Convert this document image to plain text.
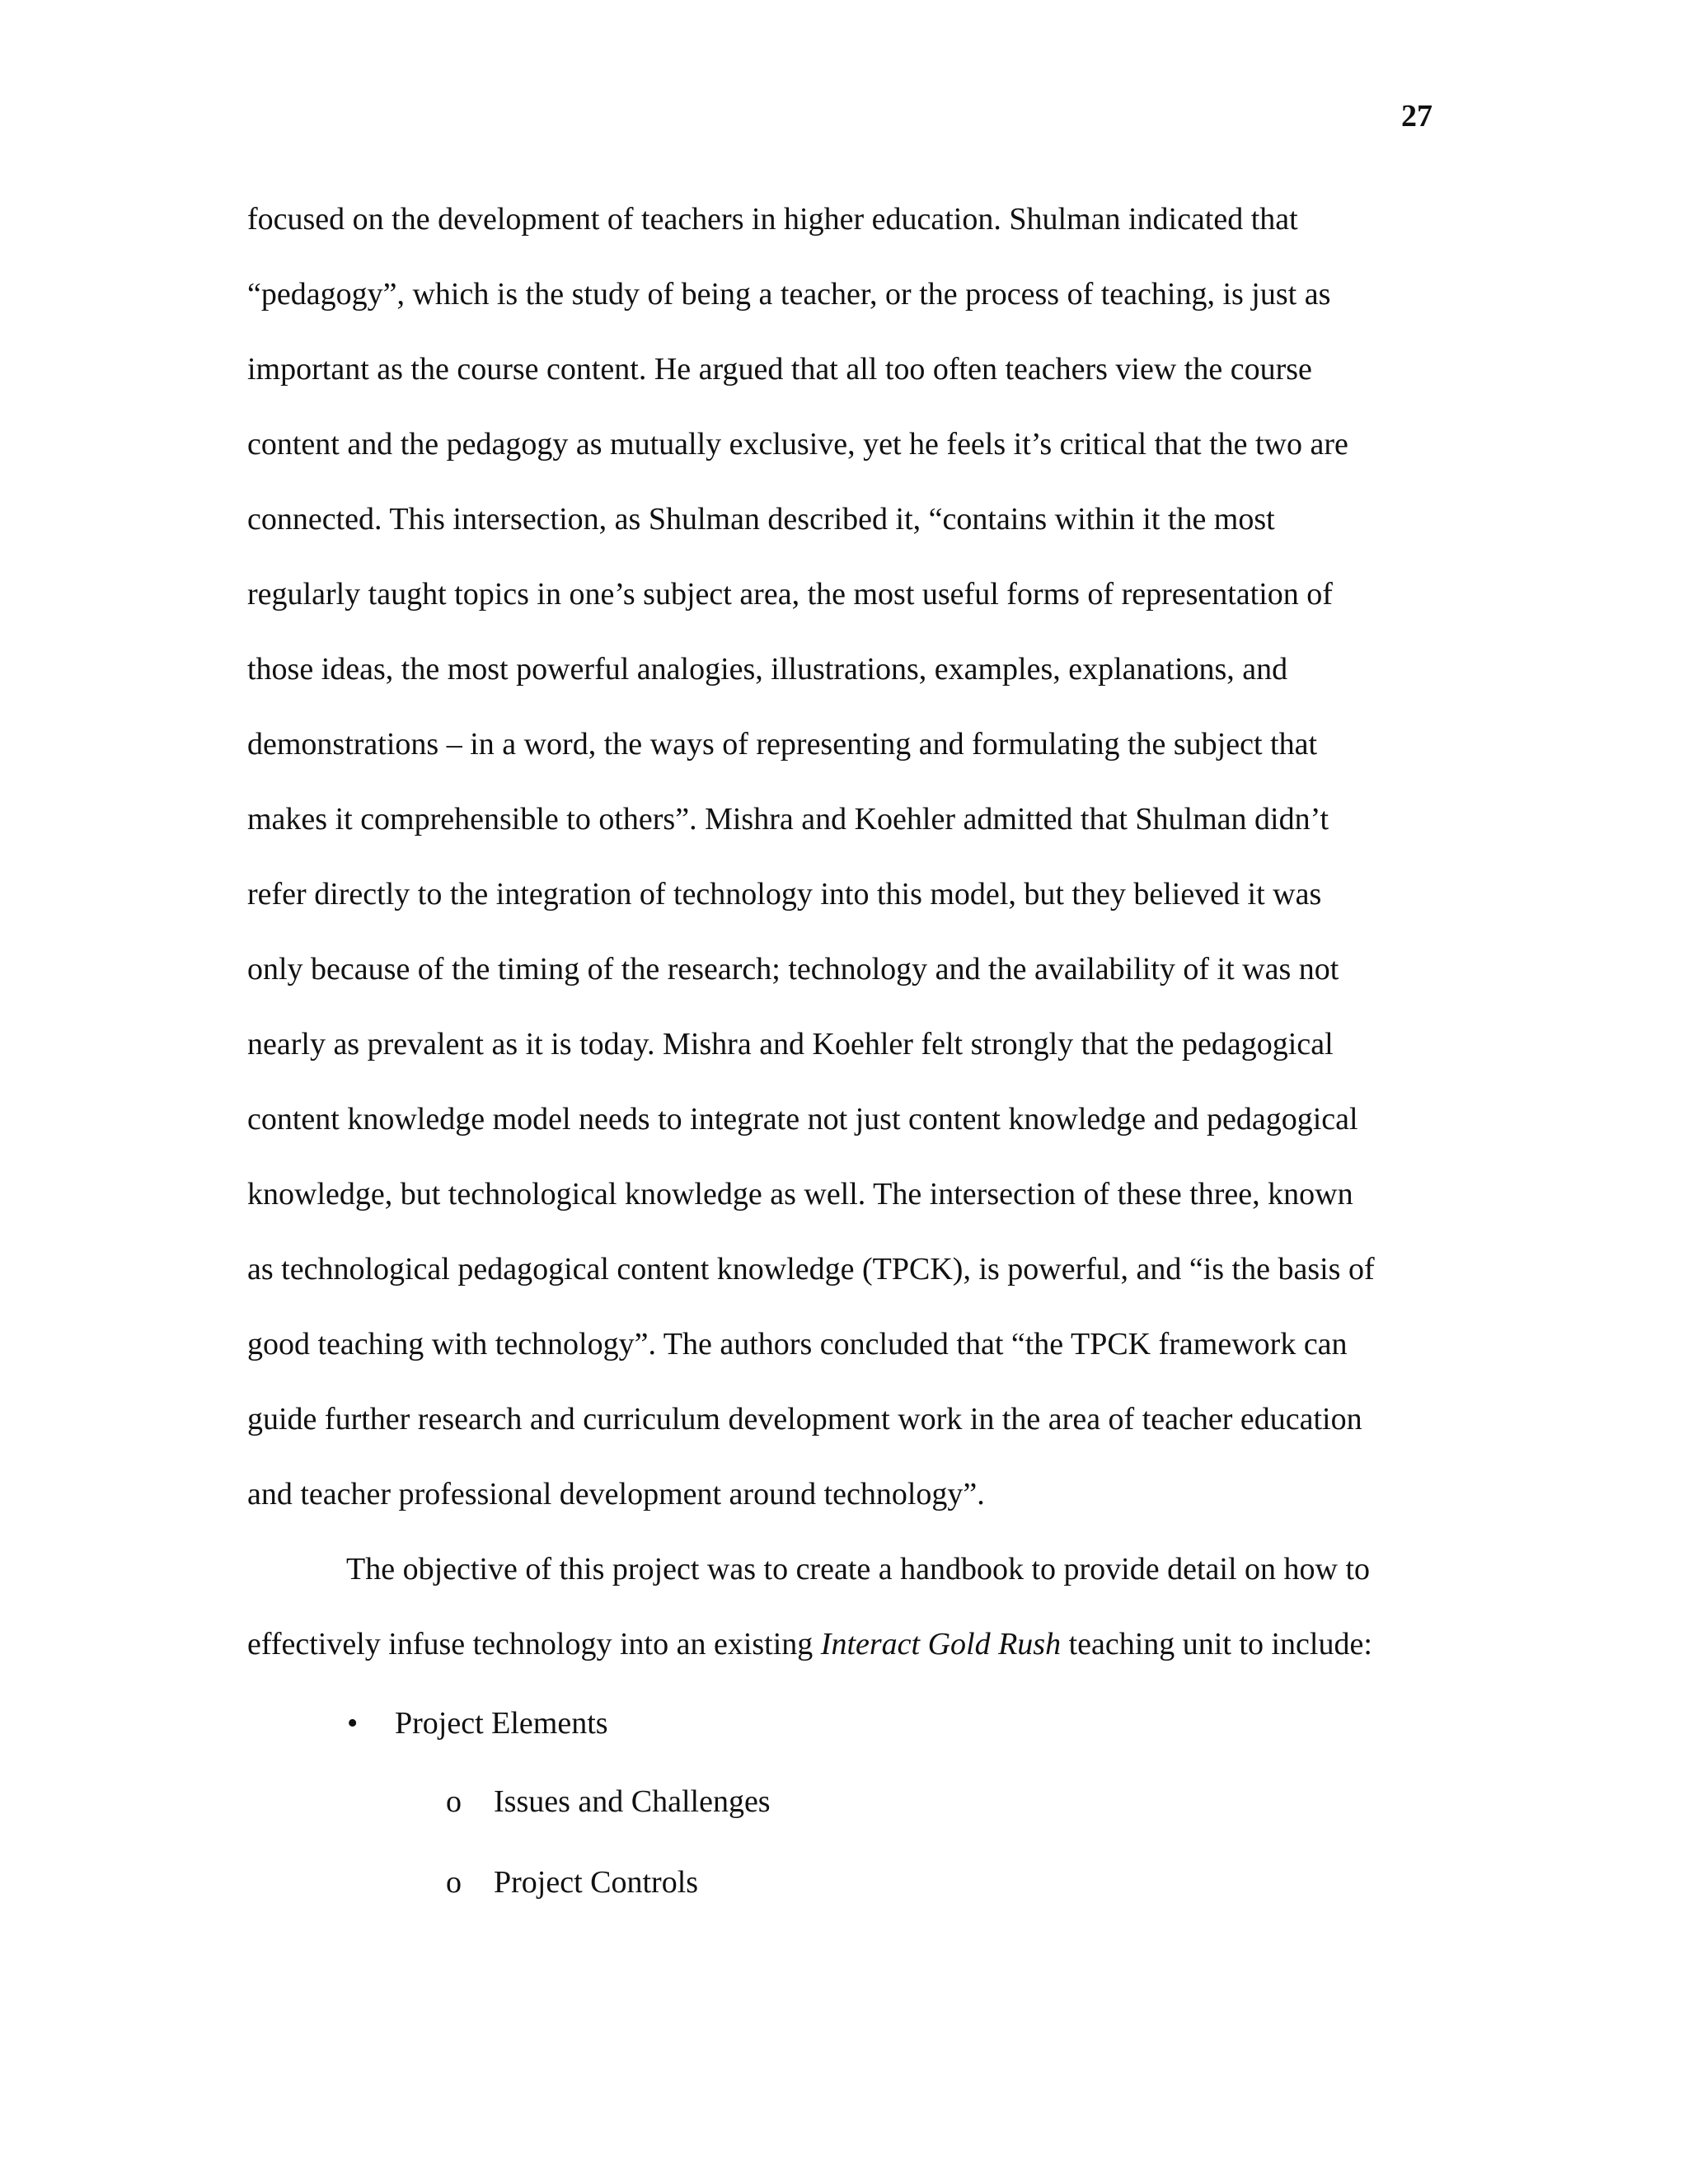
27
focused on the development of teachers in higher education. Shulman indicated that
“pedagogy”, which is the study of being a teacher, or the process of teaching, is just as
important as the course content. He argued that all too often teachers view the course
content and the pedagogy as mutually exclusive, yet he feels it’s critical that the two are
connected. This intersection, as Shulman described it, “contains within it the most
regularly taught topics in one’s subject area, the most useful forms of representation of
those ideas, the most powerful analogies, illustrations, examples, explanations, and
demonstrations – in a word, the ways of representing and formulating the subject that
makes it comprehensible to others”. Mishra and Koehler admitted that Shulman didn’t
refer directly to the integration of technology into this model, but they believed it was
only because of the timing of the research; technology and the availability of it was not
nearly as prevalent as it is today. Mishra and Koehler felt strongly that the pedagogical
content knowledge model needs to integrate not just content knowledge and pedagogical
knowledge, but technological knowledge as well. The intersection of these three, known
as technological pedagogical content knowledge (TPCK), is powerful, and “is the basis of
good teaching with technology”. The authors concluded that “the TPCK framework can
guide further research and curriculum development work in the area of teacher education
and teacher professional development around technology”.
The objective of this project was to create a handbook to provide detail on how to
effectively infuse technology into an existing Interact Gold Rush teaching unit to include:
• Project Elements
o Issues and Challenges
o Project Controls
